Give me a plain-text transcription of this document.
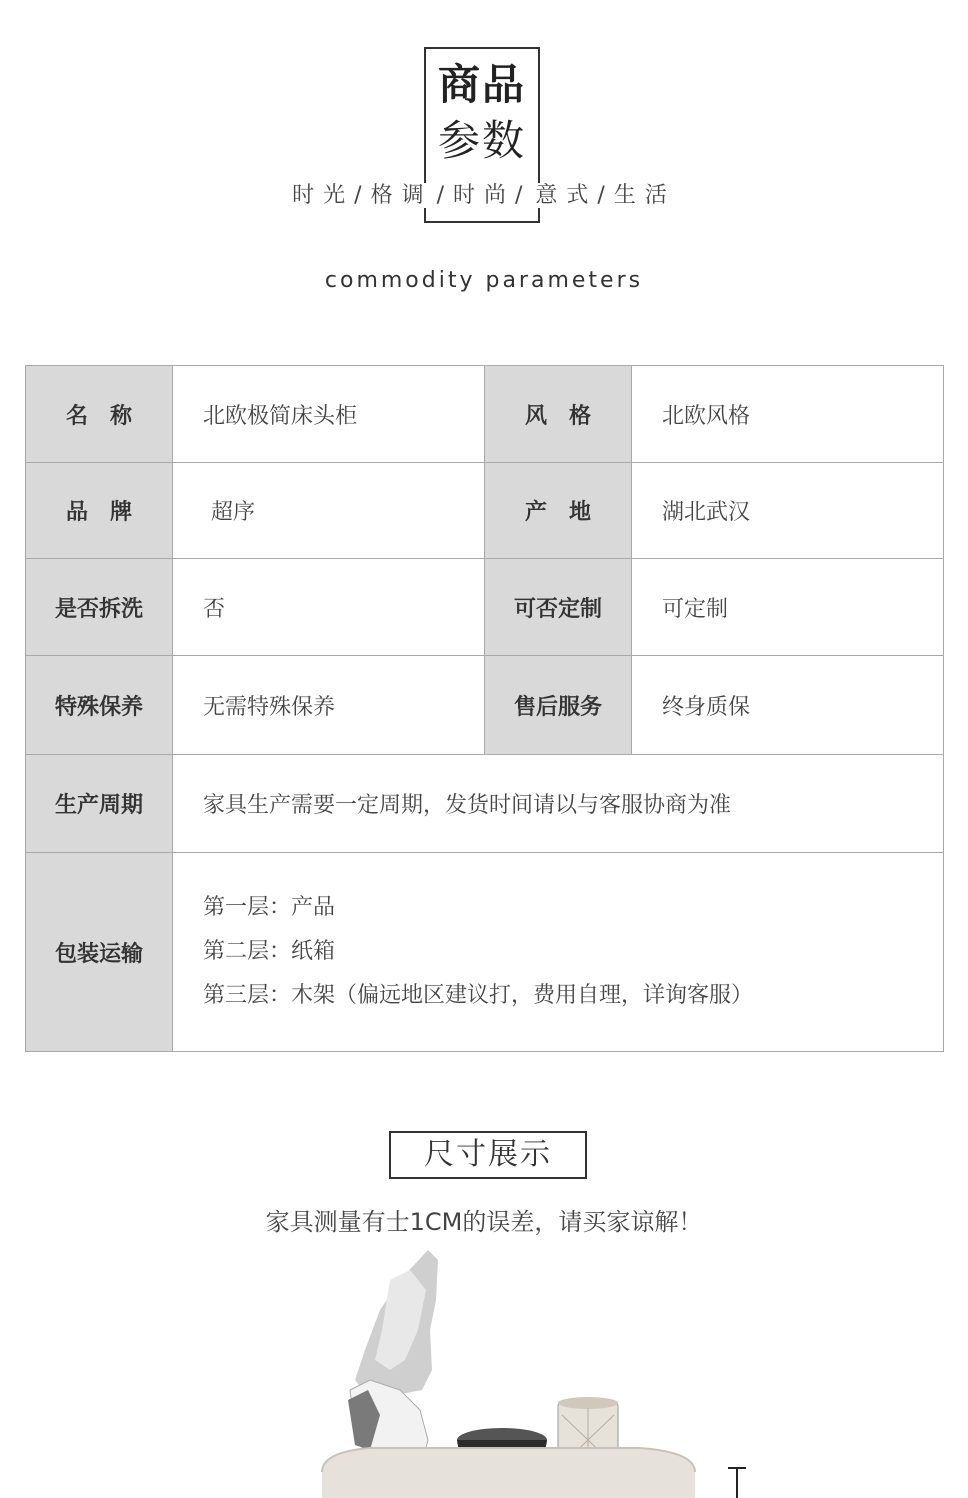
商品
参数
时光/格调 /时尚/ 意式/生活
commodity parameters
名　称	北欧极简床头柜	风　格	北欧风格
品　牌	超序	产　地	湖北武汉
是否拆洗	否	可否定制	可定制
特殊保养	无需特殊保养	售后服务	终身质保
生产周期	家具生产需要一定周期，发货时间请以与客服协商为准		
包装运输	第一层：产品
第二层：纸箱
第三层：木架（偏远地区建议打，费用自理，详询客服）		
尺寸展示
家具测量有士1CM的误差，请买家谅解！
